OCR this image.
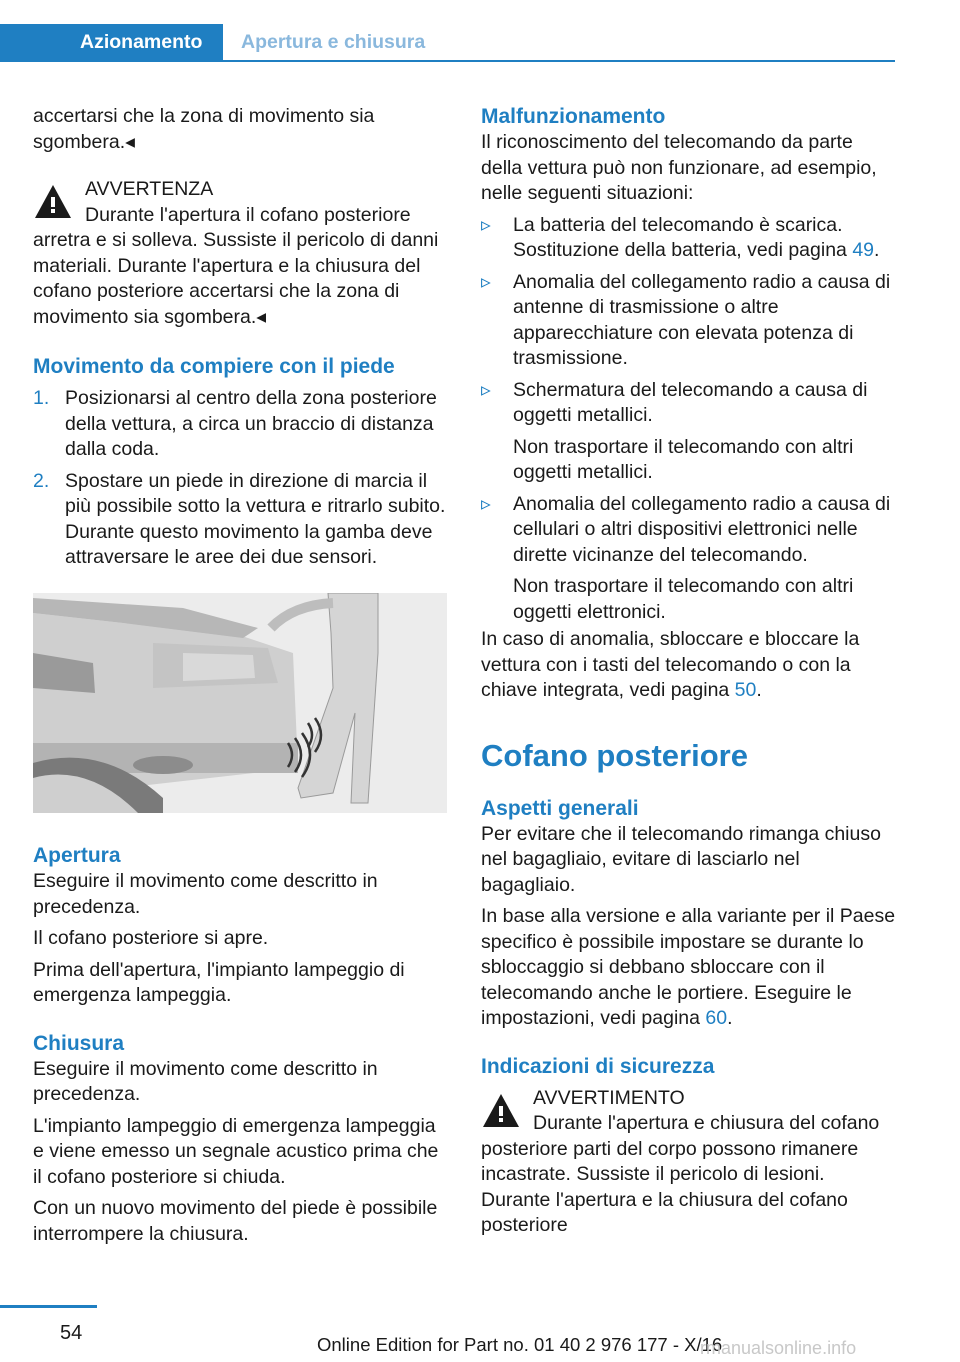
Azionamento Apertura e chiusura

accertarsi che la zona di movimento sia sgombera.◂

AVVERTENZA

Durante l'apertura il cofano posteriore arretra e si solleva. Sussiste il pericolo di danni materiali. Durante l'apertura e la chiusura del cofano posteriore accertarsi che la zona di movimento sia sgombera.◂

Movimento da compiere con il piede

1. Posizionarsi al centro della zona posteriore della vettura, a circa un braccio di distanza dalla coda.
2. Spostare un piede in direzione di marcia il più possibile sotto la vettura e ritrarlo subito. Durante questo movimento la gamba deve attraversare le aree dei due sensori.

Apertura

Eseguire il movimento come descritto in precedenza.

Il cofano posteriore si apre.

Prima dell'apertura, l'impianto lampeggio di emergenza lampeggia.

Chiusura

Eseguire il movimento come descritto in precedenza.

L'impianto lampeggio di emergenza lampeggia e viene emesso un segnale acustico prima che il cofano posteriore si chiuda.

Con un nuovo movimento del piede è possibile interrompere la chiusura.

Malfunzionamento

Il riconoscimento del telecomando da parte della vettura può non funzionare, ad esempio, nelle seguenti situazioni:

▹ La batteria del telecomando è scarica. Sostituzione della batteria, vedi pagina 49.
▹ Anomalia del collegamento radio a causa di antenne di trasmissione o altre apparecchiature con elevata potenza di trasmissione.
▹ Schermatura del telecomando a causa di oggetti metallici.

Non trasportare il telecomando con altri oggetti metallici.

▹ Anomalia del collegamento radio a causa di cellulari o altri dispositivi elettronici nelle dirette vicinanze del telecomando.

Non trasportare il telecomando con altri oggetti elettronici.

In caso di anomalia, sbloccare e bloccare la vettura con i tasti del telecomando o con la chiave integrata, vedi pagina 50.

Cofano posteriore

Aspetti generali

Per evitare che il telecomando rimanga chiuso nel bagagliaio, evitare di lasciarlo nel bagagliaio.

In base alla versione e alla variante per il Paese specifico è possibile impostare se durante lo sbloccaggio si debbano sbloccare con il telecomando anche le portiere. Eseguire le impostazioni, vedi pagina 60.

Indicazioni di sicurezza

AVVERTIMENTO

Durante l'apertura e chiusura del cofano posteriore parti del corpo possono rimanere incastrate. Sussiste il pericolo di lesioni. Durante l'apertura e la chiusura del cofano posteriore

54
Online Edition for Part no. 01 40 2 976 177 - X/16
rmanualsonline.info
